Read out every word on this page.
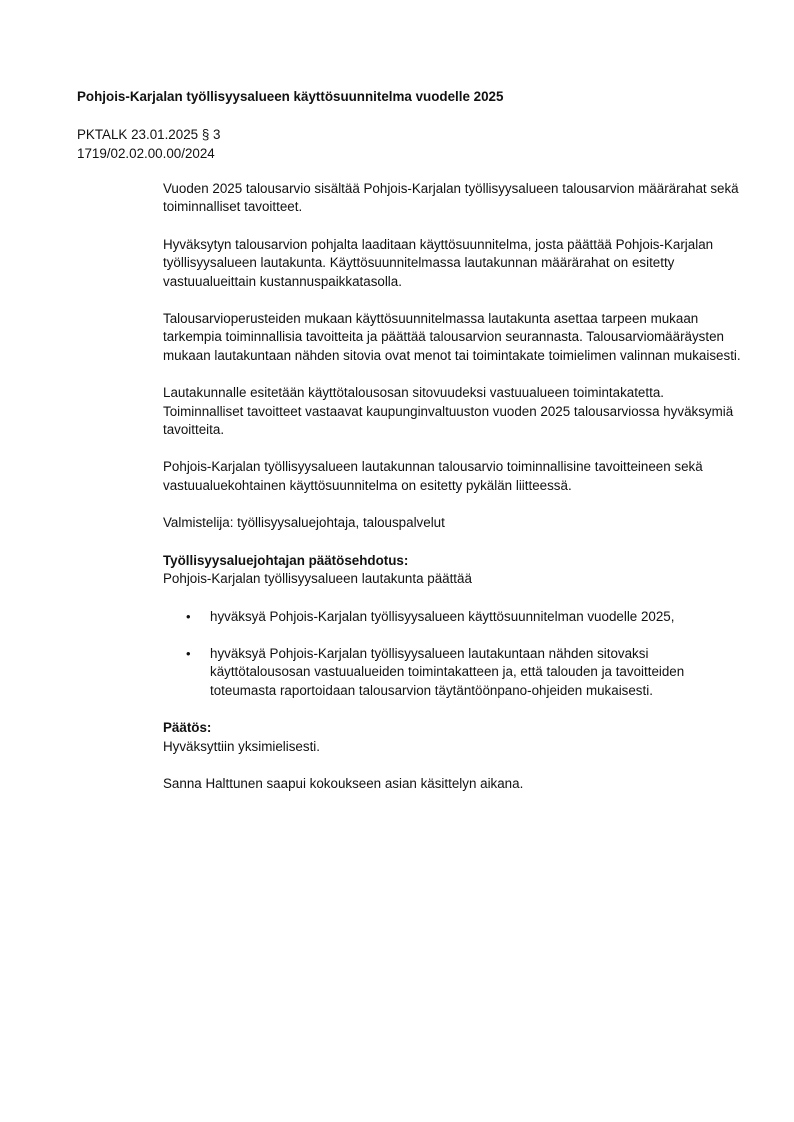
Pohjois-Karjalan työllisyysalueen käyttösuunnitelma vuodelle 2025

PKTALK 23.01.2025 § 3

1719/02.02.00.00/2024

Vuoden 2025 talousarvio sisältää Pohjois-Karjalan työllisyysalueen talousarvion määrärahat sekä toiminnalliset tavoitteet.

Hyväksytyn talousarvion pohjalta laaditaan käyttösuunnitelma, josta päättää Pohjois-Karjalan työllisyysalueen lautakunta. Käyttösuunnitelmassa lautakunnan määrärahat on esitetty vastuualueittain kustannuspaikkatasolla.

Talousarvioperusteiden mukaan käyttösuunnitelmassa lautakunta asettaa tarpeen mukaan tarkempia toiminnallisia tavoitteita ja päättää talousarvion seurannasta. Talousarviomääräysten mukaan lautakuntaan nähden sitovia ovat menot tai toimintakate toimielimen valinnan mukaisesti.

Lautakunnalle esitetään käyttötalousosan sitovuudeksi vastuualueen toimintakatetta. Toiminnalliset tavoitteet vastaavat kaupunginvaltuuston vuoden 2025 talousarviossa hyväksymiä tavoitteita.

Pohjois-Karjalan työllisyysalueen lautakunnan talousarvio toiminnallisine tavoitteineen sekä vastuualuekohtainen käyttösuunnitelma on esitetty pykälän liitteessä.

Valmistelija: työllisyysaluejohtaja, talouspalvelut

Työllisyysaluejohtajan päätösehdotus:

Pohjois-Karjalan työllisyysalueen lautakunta päättää

•	hyväksyä Pohjois-Karjalan työllisyysalueen käyttösuunnitelman vuodelle 2025,
•	hyväksyä Pohjois-Karjalan työllisyysalueen lautakuntaan nähden sitovaksi käyttötalousosan vastuualueiden toimintakatteen ja, että talouden ja tavoitteiden toteumasta raportoidaan talousarvion täytäntöönpano-ohjeiden mukaisesti.

Päätös:

Hyväksyttiin yksimielisesti.

Sanna Halttunen saapui kokoukseen asian käsittelyn aikana.
